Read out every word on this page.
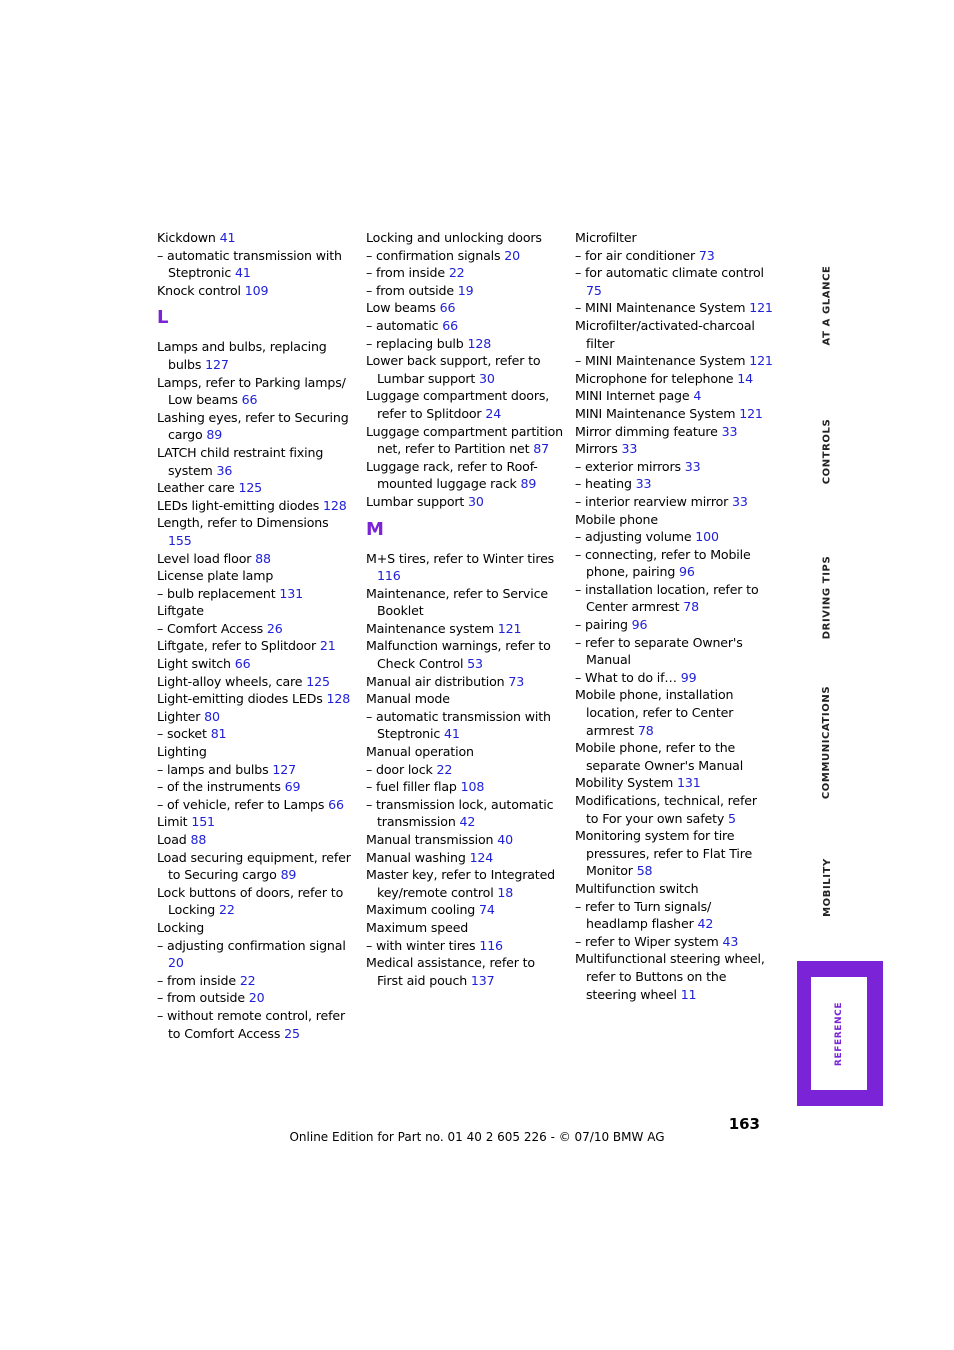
Kickdown 41
– automatic transmission with Steptronic 41
Knock control 109
L
Lamps and bulbs, replacing bulbs 127
Lamps, refer to Parking lamps/ Low beams 66
Lashing eyes, refer to Securing cargo 89
LATCH child restraint fixing system 36
Leather care 125
LEDs light-emitting diodes 128
Length, refer to Dimensions 155
Level load floor 88
License plate lamp
– bulb replacement 131
Liftgate
– Comfort Access 26
Liftgate, refer to Splitdoor 21
Light switch 66
Light-alloy wheels, care 125
Light-emitting diodes LEDs 128
Lighter 80
– socket 81
Lighting
– lamps and bulbs 127
– of the instruments 69
– of vehicle, refer to Lamps 66
Limit 151
Load 88
Load securing equipment, refer to Securing cargo 89
Lock buttons of doors, refer to Locking 22
Locking
– adjusting confirmation signal 20
– from inside 22
– from outside 20
– without remote control, refer to Comfort Access 25
Locking and unlocking doors
– confirmation signals 20
– from inside 22
– from outside 19
Low beams 66
– automatic 66
– replacing bulb 128
Lower back support, refer to Lumbar support 30
Luggage compartment doors, refer to Splitdoor 24
Luggage compartment partition net, refer to Partition net 87
Luggage rack, refer to Roof-mounted luggage rack 89
Lumbar support 30
M
M+S tires, refer to Winter tires 116
Maintenance, refer to Service Booklet
Maintenance system 121
Malfunction warnings, refer to Check Control 53
Manual air distribution 73
Manual mode
– automatic transmission with Steptronic 41
Manual operation
– door lock 22
– fuel filler flap 108
– transmission lock, automatic transmission 42
Manual transmission 40
Manual washing 124
Master key, refer to Integrated key/remote control 18
Maximum cooling 74
Maximum speed
– with winter tires 116
Medical assistance, refer to First aid pouch 137
Microfilter
– for air conditioner 73
– for automatic climate control 75
– MINI Maintenance System 121
Microfilter/activated-charcoal filter
– MINI Maintenance System 121
Microphone for telephone 14
MINI Internet page 4
MINI Maintenance System 121
Mirror dimming feature 33
Mirrors 33
– exterior mirrors 33
– heating 33
– interior rearview mirror 33
Mobile phone
– adjusting volume 100
– connecting, refer to Mobile phone, pairing 96
– installation location, refer to Center armrest 78
– pairing 96
– refer to separate Owner's Manual
– What to do if… 99
Mobile phone, installation location, refer to Center armrest 78
Mobile phone, refer to the separate Owner's Manual
Mobility System 131
Modifications, technical, refer to For your own safety 5
Monitoring system for tire pressures, refer to Flat Tire Monitor 58
Multifunction switch
– refer to Turn signals/ headlamp flasher 42
– refer to Wiper system 43
Multifunctional steering wheel, refer to Buttons on the steering wheel 11
AT A GLANCE
CONTROLS
DRIVING TIPS
COMMUNICATIONS
MOBILITY
REFERENCE
163
Online Edition for Part no. 01 40 2 605 226 - © 07/10 BMW AG
